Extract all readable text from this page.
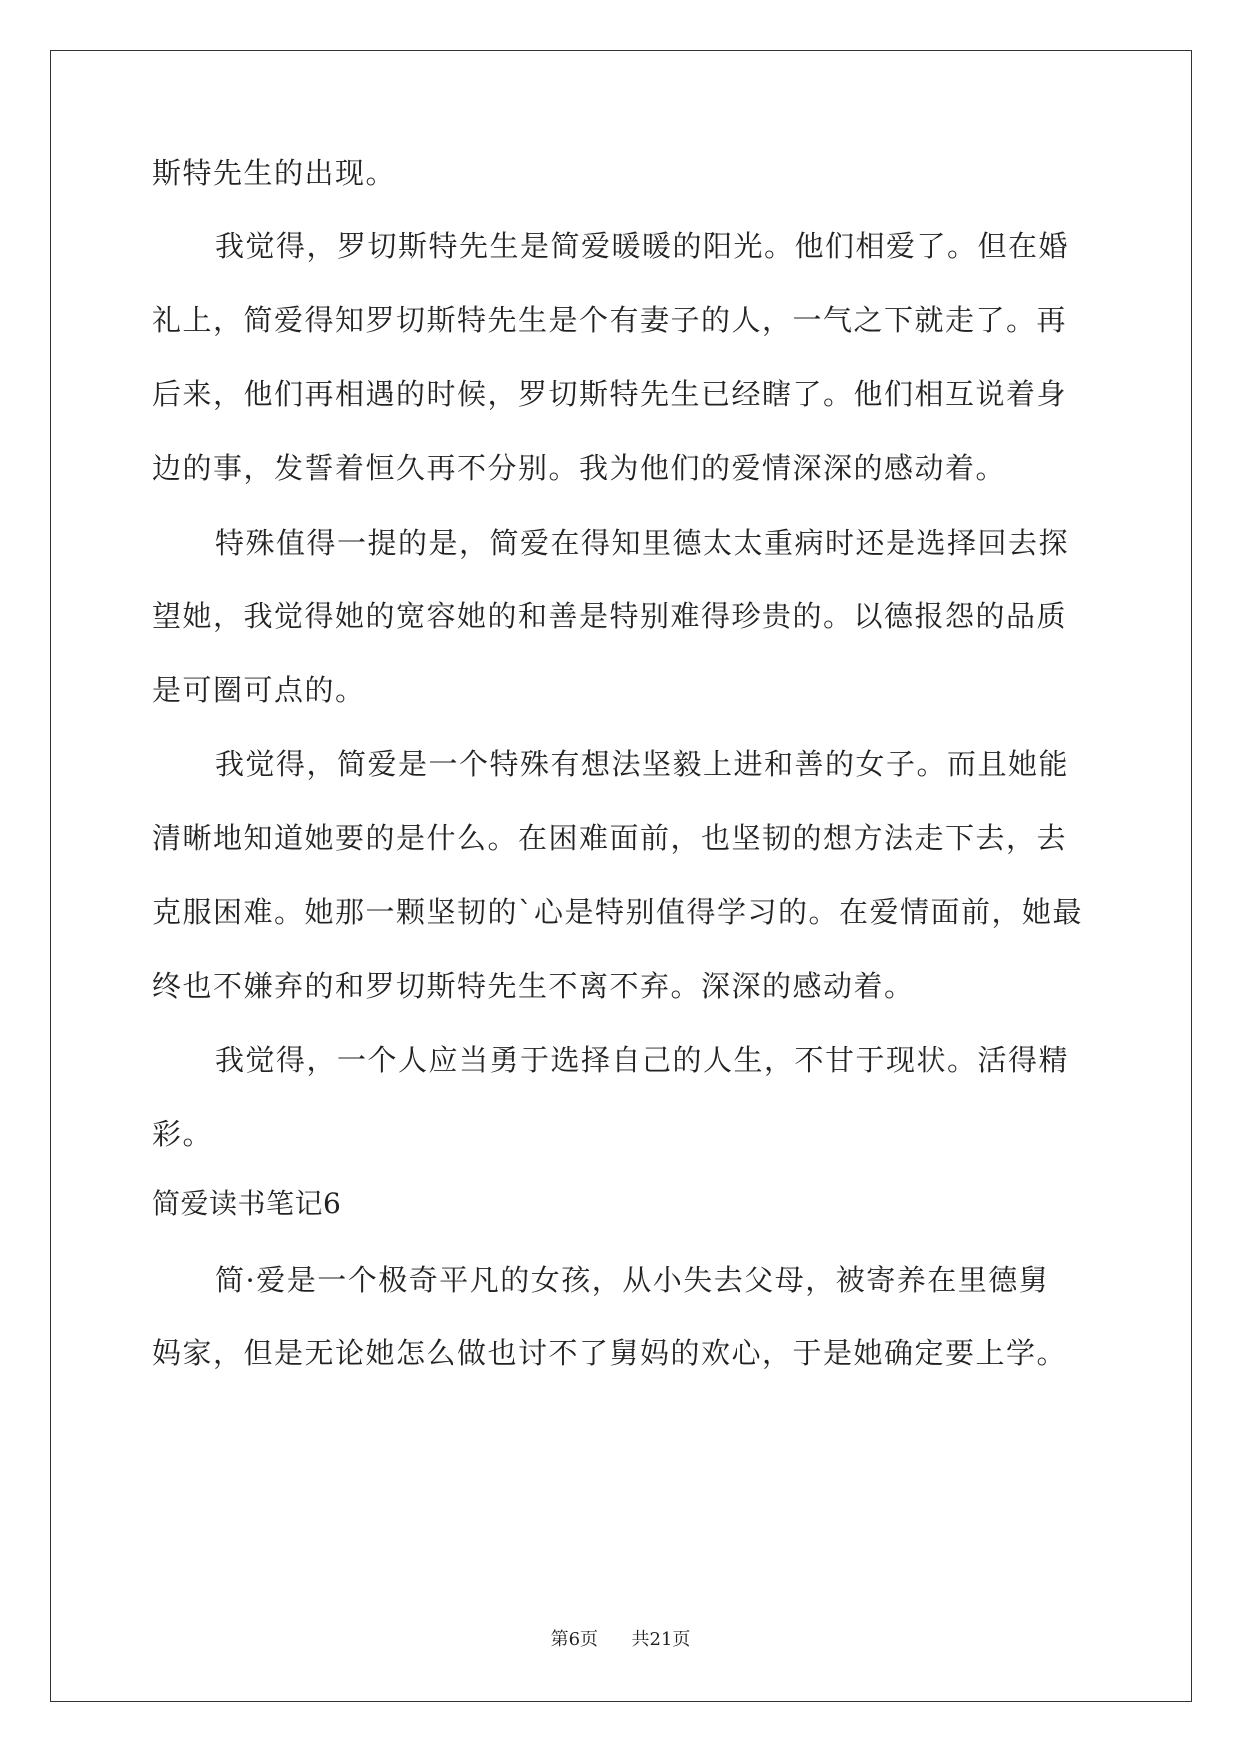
斯特先生的出现。
我觉得，罗切斯特先生是简爱暖暖的阳光。他们相爱了。但在婚
礼上，简爱得知罗切斯特先生是个有妻子的人，一气之下就走了。再
后来，他们再相遇的时候，罗切斯特先生已经瞎了。他们相互说着身
边的事，发誓着恒久再不分别。我为他们的爱情深深的感动着。
特殊值得一提的是，简爱在得知里德太太重病时还是选择回去探
望她，我觉得她的宽容她的和善是特别难得珍贵的。以德报怨的品质
是可圈可点的。
我觉得，简爱是一个特殊有想法坚毅上进和善的女子。而且她能
清晰地知道她要的是什么。在困难面前，也坚韧的想方法走下去，去
克服困难。她那一颗坚韧的`心是特别值得学习的。在爱情面前，她最
终也不嫌弃的和罗切斯特先生不离不弃。深深的感动着。
我觉得，一个人应当勇于选择自己的人生，不甘于现状。活得精
彩。
简爱读书笔记6
简·爱是一个极奇平凡的女孩，从小失去父母，被寄养在里德舅
妈家，但是无论她怎么做也讨不了舅妈的欢心，于是她确定要上学。
第6页 共21页
